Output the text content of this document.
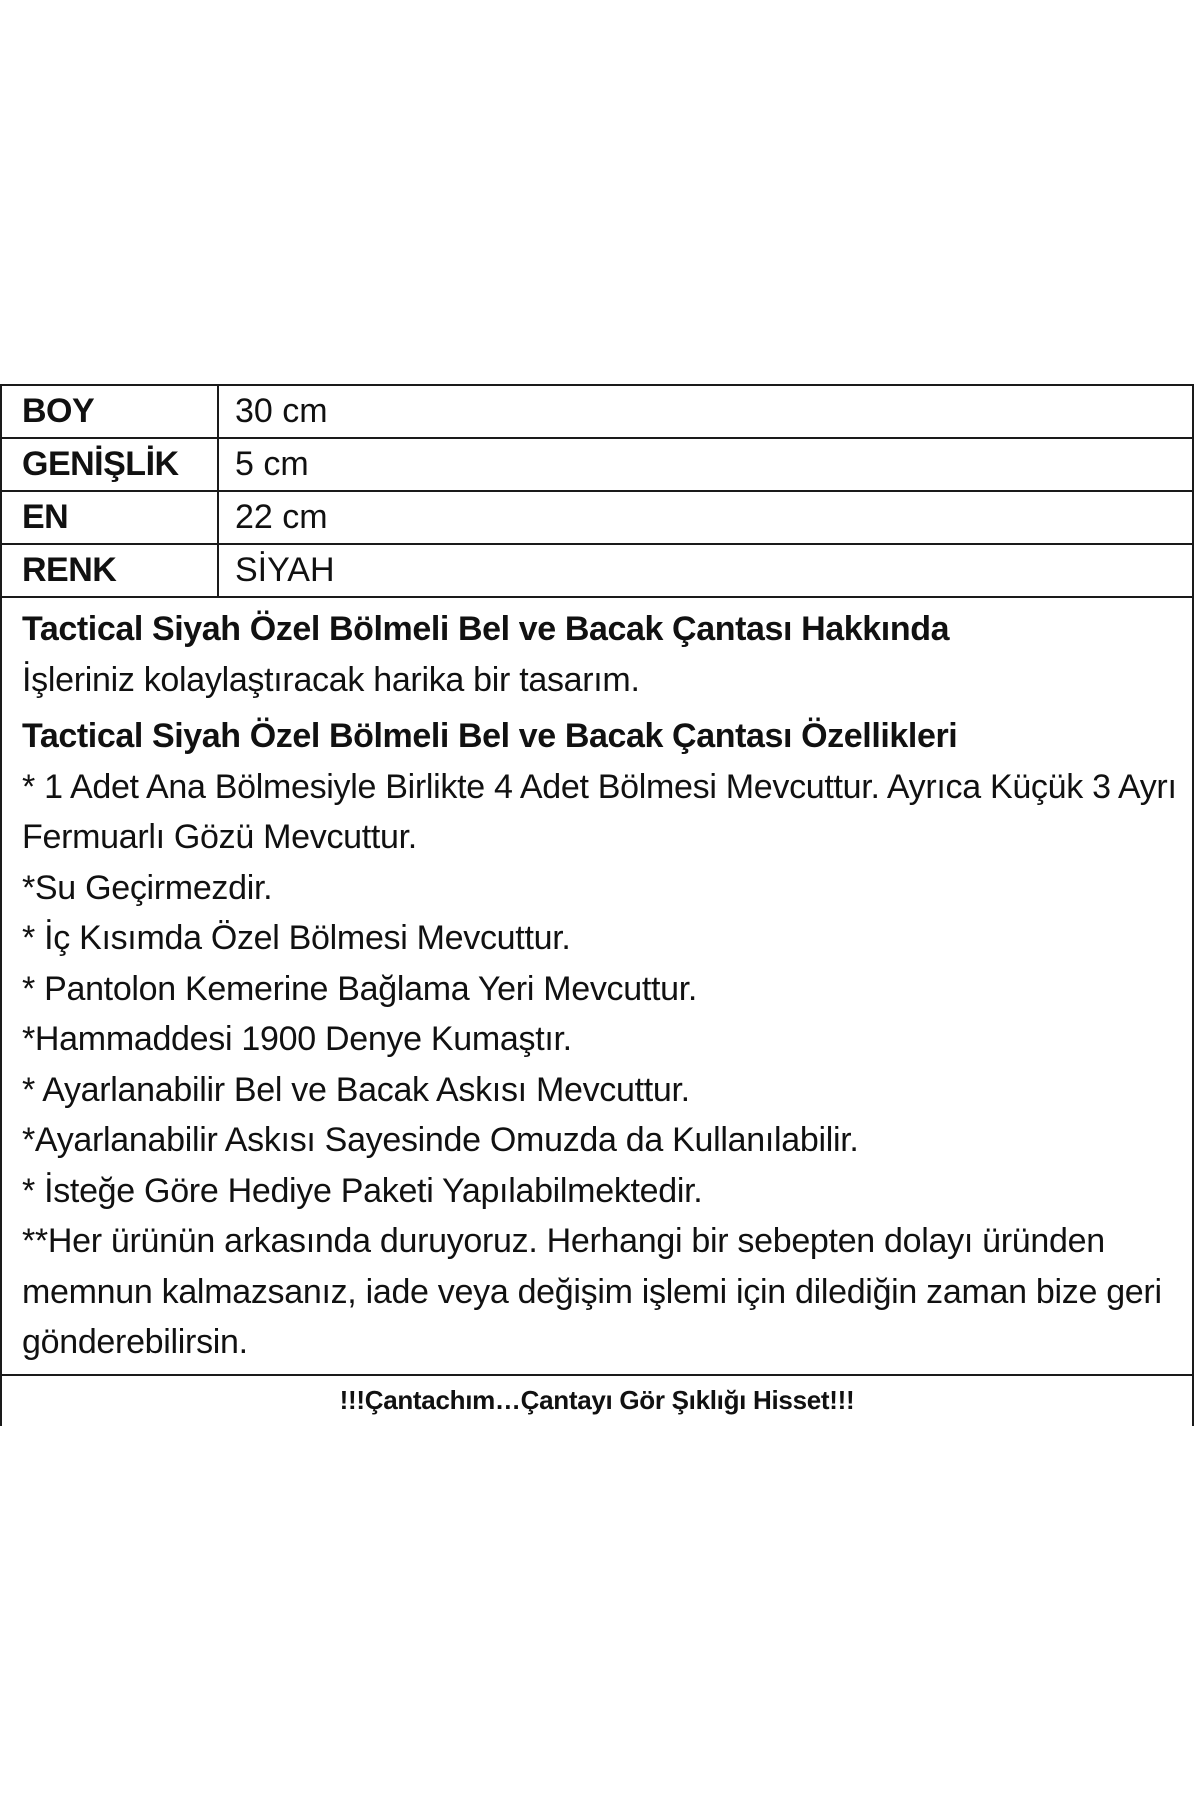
BOY	30 cm
GENİŞLİK	5 cm
EN	22 cm
RENK	SİYAH

Tactical Siyah Özel Bölmeli Bel ve Bacak Çantası Hakkında

İşleriniz kolaylaştıracak harika bir tasarım.

Tactical Siyah Özel Bölmeli Bel ve Bacak Çantası Özellikleri

* 1 Adet Ana Bölmesiyle Birlikte 4 Adet Bölmesi Mevcuttur. Ayrıca Küçük 3 Ayrı Fermuarlı Gözü Mevcuttur.

*Su Geçirmezdir.

* İç Kısımda Özel Bölmesi Mevcuttur.

* Pantolon Kemerine Bağlama Yeri Mevcuttur.

*Hammaddesi 1900 Denye Kumaştır.

* Ayarlanabilir Bel ve Bacak Askısı Mevcuttur.

*Ayarlanabilir Askısı Sayesinde Omuzda da Kullanılabilir.

* İsteğe Göre Hediye Paketi Yapılabilmektedir.

**Her ürünün arkasında duruyoruz. Herhangi bir sebepten dolayı üründen memnun kalmazsanız, iade veya değişim işlemi için dilediğin zaman bize geri gönderebilirsin.

!!!Çantachım…Çantayı Gör Şıklığı Hisset!!!
